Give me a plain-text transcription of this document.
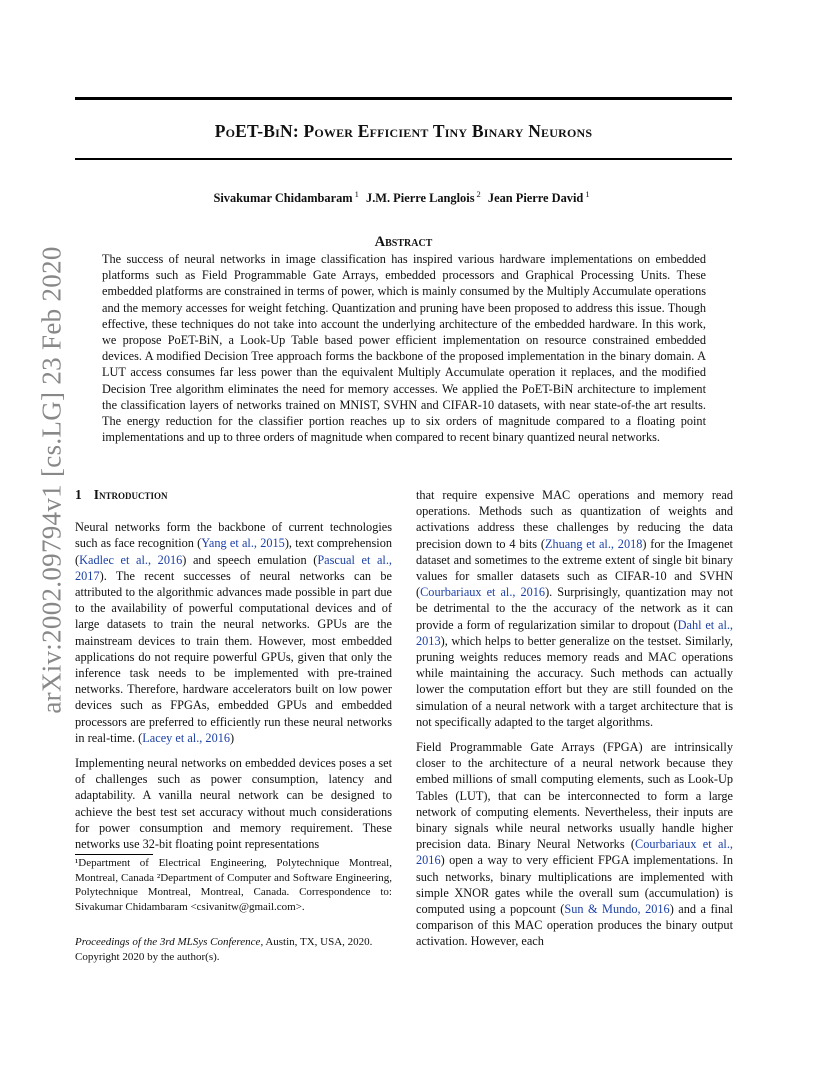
PoET-BiN: Power Efficient Tiny Binary Neurons
Sivakumar Chidambaram $^1$ J.M. Pierre Langlois $^2$ Jean Pierre David $^1$
Abstract
The success of neural networks in image classification has inspired various hardware implementations on embedded platforms such as Field Programmable Gate Arrays, embedded processors and Graphical Processing Units. These embedded platforms are constrained in terms of power, which is mainly consumed by the Multiply Accumulate operations and the memory accesses for weight fetching. Quantization and pruning have been proposed to address this issue. Though effective, these techniques do not take into account the underlying architecture of the embedded hardware. In this work, we propose PoET-BiN, a Look-Up Table based power efficient implementation on resource constrained embedded devices. A modified Decision Tree approach forms the backbone of the proposed implementation in the binary domain. A LUT access consumes far less power than the equivalent Multiply Accumulate operation it replaces, and the modified Decision Tree algorithm eliminates the need for memory accesses. We applied the PoET-BiN architecture to implement the classification layers of networks trained on MNIST, SVHN and CIFAR-10 datasets, with near state-of-the art results. The energy reduction for the classifier portion reaches up to six orders of magnitude compared to a floating point implementations and up to three orders of magnitude when compared to recent binary quantized neural networks.
arXiv:2002.09794v1 [cs.LG] 23 Feb 2020 1 Introduction

Neural networks form the backbone of current technologies such as face recognition (Yang et al., 2015), text comprehension (Kadlec et al., 2016) and speech emulation (Pascual et al., 2017). The recent successes of neural networks can be attributed to the algorithmic advances made possible in part due to the availability of powerful computational devices and of large datasets to train the neural networks. GPUs are the mainstream devices to train them. However, most embedded applications do not require powerful GPUs, given that only the inference task needs to be implemented with pre-trained networks. Therefore, hardware accelerators built on low power devices such as FPGAs, embedded GPUs and embedded processors are preferred to efficiently run these neural networks in real-time. (Lacey et al., 2016)

Implementing neural networks on embedded devices poses a set of challenges such as power consumption, latency and adaptability. A vanilla neural network can be designed to achieve the best test set accuracy without much considerations for power consumption and memory requirement. These networks use 32-bit floating point representations

¹Department of Electrical Engineering, Polytechnique Montreal, Montreal, Canada ²Department of Computer and Software Engineering, Polytechnique Montreal, Montreal, Canada. Correspondence to: Sivakumar Chidambaram <csivanitw@gmail.com>.
Proceedings of the 3rd MLSys Conference, Austin, TX, USA, 2020. Copyright 2020 by the author(s).

that require expensive MAC operations and memory read operations. Methods such as quantization of weights and activations address these challenges by reducing the data precision down to 4 bits (Zhuang et al., 2018) for the Imagenet dataset and sometimes to the extreme extent of single bit binary values for smaller datasets such as CIFAR-10 and SVHN (Courbariaux et al., 2016). Surprisingly, quantization may not be detrimental to the the accuracy of the network as it can provide a form of regularization similar to dropout (Dahl et al., 2013), which helps to better generalize on the testset. Similarly, pruning weights reduces memory reads and MAC operations while maintaining the accuracy. Such methods can actually lower the computation effort but they are still founded on the simulation of a neural network with a target architecture that is not specifically adapted to the target algorithms.

Field Programmable Gate Arrays (FPGA) are intrinsically closer to the architecture of a neural network because they embed millions of small computing elements, such as Look-Up Tables (LUT), that can be interconnected to form a large network of computing elements. Nevertheless, their inputs are binary signals while neural networks usually handle higher precision data. Binary Neural Networks (Courbariaux et al., 2016) open a way to very efficient FPGA implementations. In such networks, binary multiplications are implemented with simple XNOR gates while the overall sum (accumulation) is computed using a popcount (Sun & Mundo, 2016) and a final comparison of this MAC operation produces the binary output activation. However, each
